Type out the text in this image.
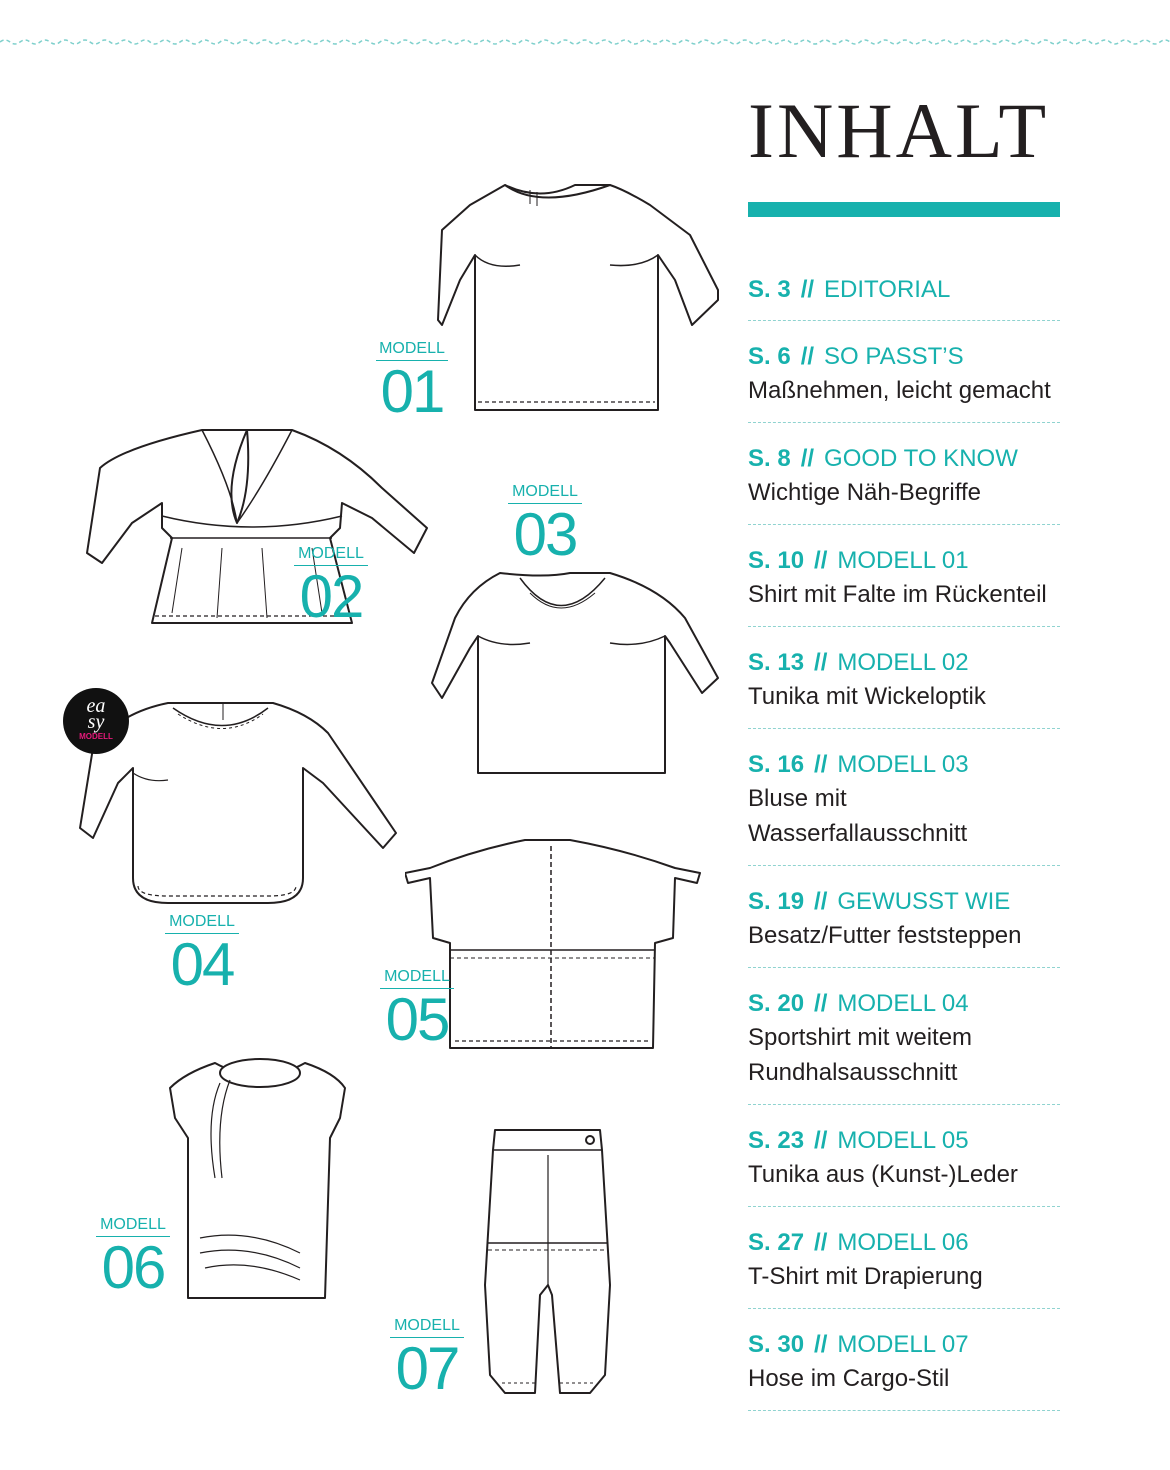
INHALT
S. 3 // EDITORIAL
S. 6 // SO PASST’S
Maßnehmen, leicht gemacht
S. 8 // GOOD TO KNOW
Wichtige Näh-Begriffe
S. 10 // MODELL 01
Shirt mit Falte im Rückenteil
S. 13 // MODELL 02
Tunika mit Wickeloptik
S. 16 // MODELL 03
Bluse mit Wasserfallausschnitt
S. 19 // GEWUSST WIE
Besatz/Futter feststeppen
S. 20 // MODELL 04
Sportshirt mit weitem Rundhalsausschnitt
S. 23 // MODELL 05
Tunika aus (Kunst-)Leder
S. 27 // MODELL 06
T-Shirt mit Drapierung
S. 30 // MODELL 07
Hose im Cargo-Stil
ea
sy
MODELL
MODELL
01
MODELL
02
MODELL
03
MODELL
04	MODELL
05
MODELL
06
MODELL
07
